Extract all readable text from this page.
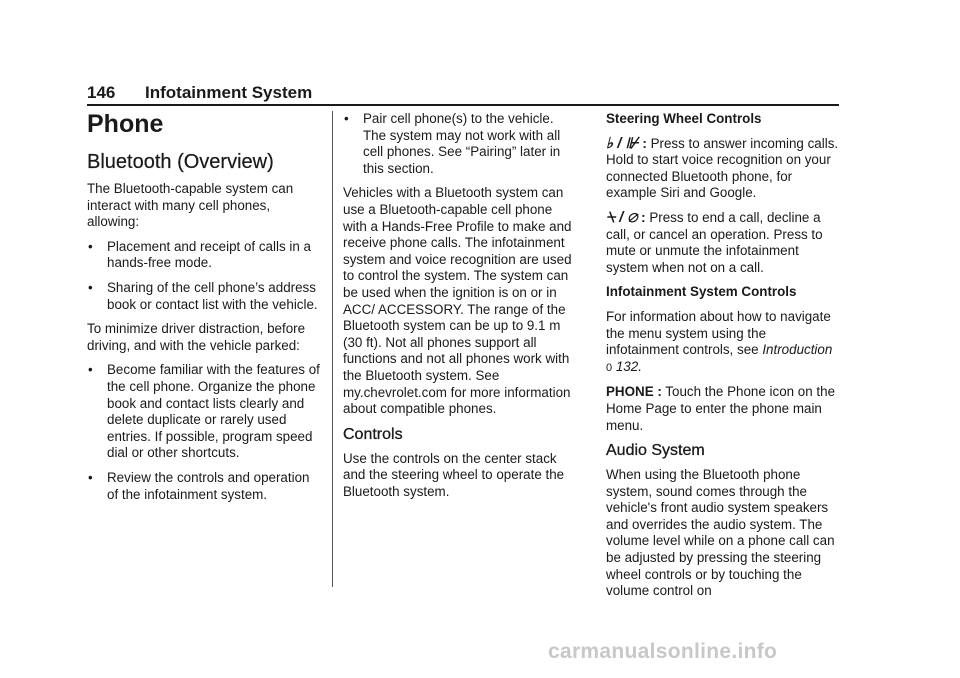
146 Infotainment System
Phone
Bluetooth (Overview)

The Bluetooth-capable system can interact with many cell phones, allowing:

• Placement and receipt of calls in a hands-free mode.
• Sharing of the cell phone’s address book or contact list with the vehicle.

To minimize driver distraction, before driving, and with the vehicle parked:

• Become familiar with the features of the cell phone. Organize the phone book and contact lists clearly and delete duplicate or rarely used entries. If possible, program speed dial or other shortcuts.
• Review the controls and operation of the infotainment system.
• Pair cell phone(s) to the vehicle. The system may not work with all cell phones. See “Pairing” later in this section.

Vehicles with a Bluetooth system can use a Bluetooth-capable cell phone with a Hands-Free Profile to make and receive phone calls. The infotainment system and voice recognition are used to control the system. The system can be used when the ignition is on or in ACC/ ACCESSORY. The range of the Bluetooth system can be up to 9.1 m (30 ft). Not all phones support all functions and not all phones work with the Bluetooth system. See my.chevrolet.com for more information about compatible phones.

Controls

Use the controls on the center stack and the steering wheel to operate the Bluetooth system.

Steering Wheel Controls

♭ / ⊮ : Press to answer incoming calls. Hold to start voice recognition on your connected Bluetooth phone, for example Siri and Google.

⍀ / ⌀ : Press to end a call, decline a call, or cancel an operation. Press to mute or unmute the infotainment system when not on a call.

Infotainment System Controls

For information about how to navigate the menu system using the infotainment controls, see Introduction 0 132.

PHONE : Touch the Phone icon on the Home Page to enter the phone main menu.

Audio System

When using the Bluetooth phone system, sound comes through the vehicle's front audio system speakers and overrides the audio system. The volume level while on a phone call can be adjusted by pressing the steering wheel controls or by touching the volume control on

carmanualsonline.info
